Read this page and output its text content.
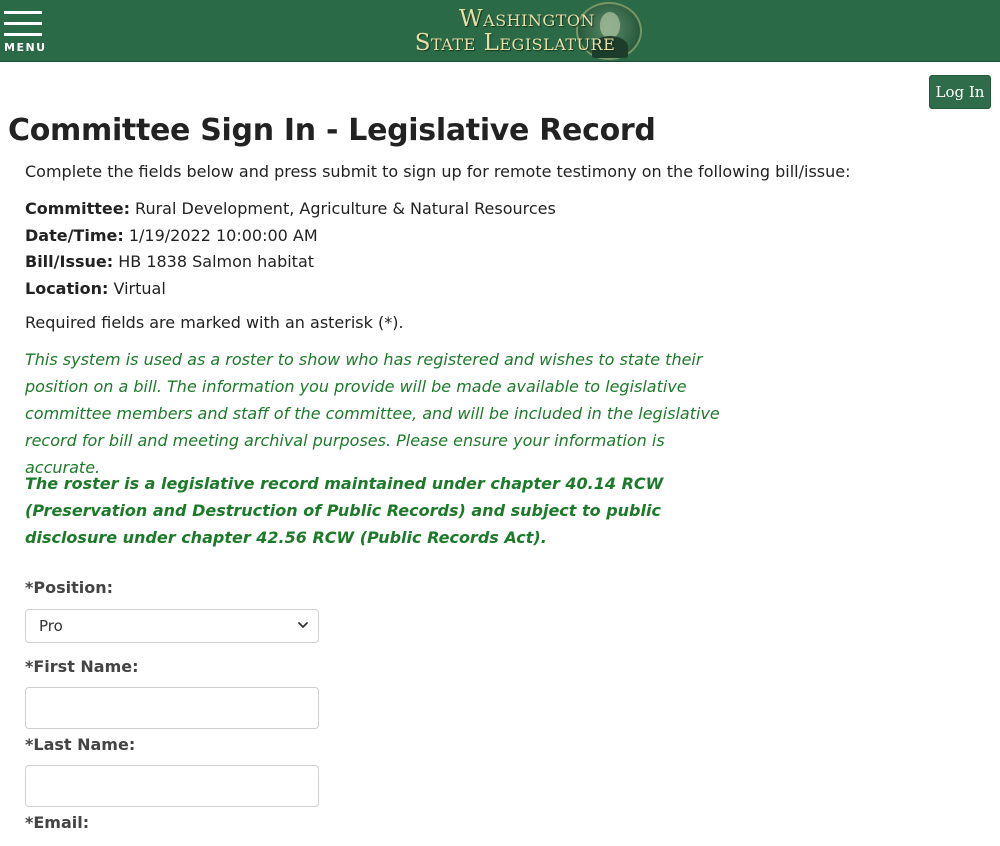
MENU
Washington
State Legislature
Log In
Committee Sign In - Legislative Record

Complete the fields below and press submit to sign up for remote testimony on the following bill/issue:

Committee: Rural Development, Agriculture & Natural Resources
Date/Time: 1/19/2022 10:00:00 AM
Bill/Issue: HB 1838 Salmon habitat
Location: Virtual

Required fields are marked with an asterisk (*).

This system is used as a roster to show who has registered and wishes to state their position on a bill. The information you provide will be made available to legislative committee members and staff of the committee, and will be included in the legislative record for bill and meeting archival purposes. Please ensure your information is accurate.

The roster is a legislative record maintained under chapter 40.14 RCW (Preservation and Destruction of Public Records) and subject to public disclosure under chapter 42.56 RCW (Public Records Act).

*Position:
Pro
*First Name:
*Last Name:
*Email:
